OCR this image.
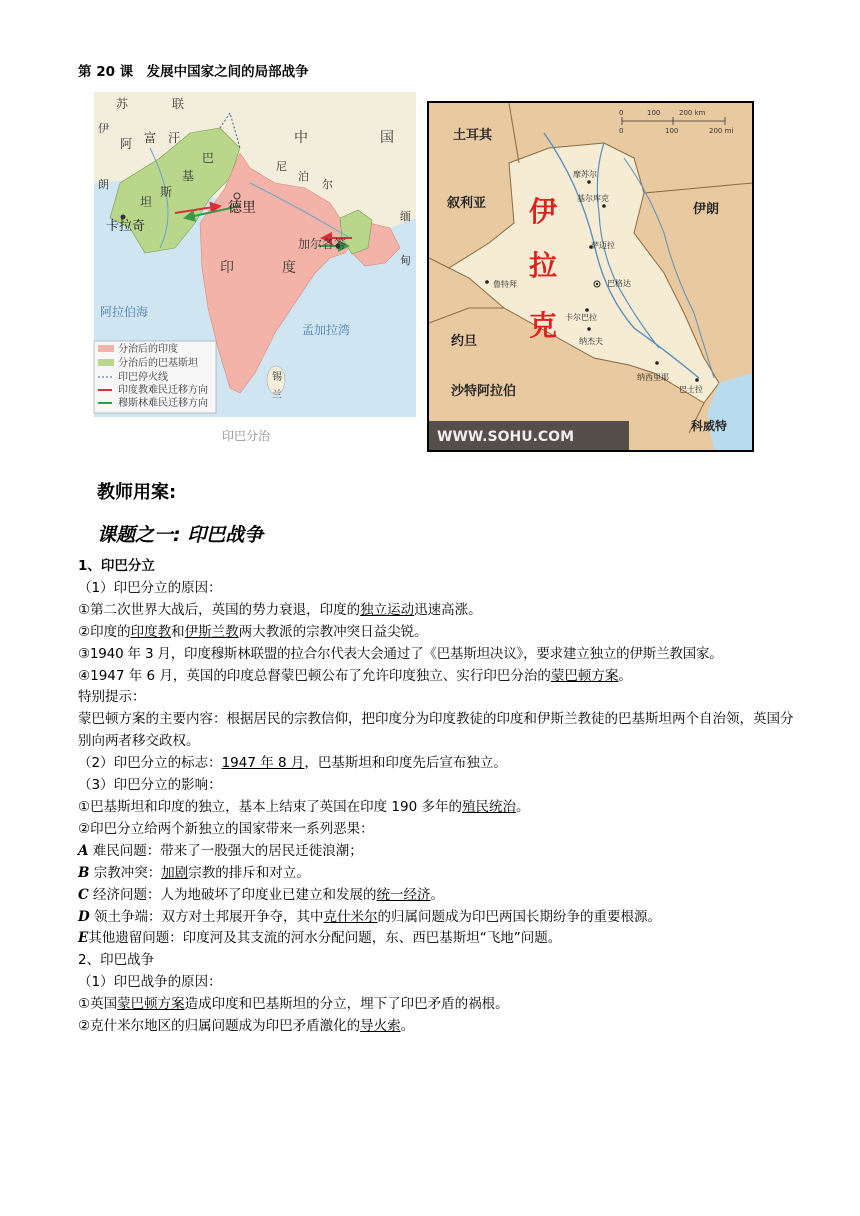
第 20 课　发展中国家之间的局部战争
苏	联
中	国
伊
阿 富 汗
朗
巴
基
斯
坦
尼
泊
尔
卡拉奇
德里
加尔各答
缅
甸
印	度
阿拉伯海
孟加拉湾
锡
兰
分治后的印度
分治后的巴基斯坦
印巴停火线
印度教难民迁移方向
穆斯林难民迁移方向
印巴分治
0	100	200 km
0	100	200 mi
土耳其
叙利亚	伊朗
伊
拉
克
约旦
沙特阿拉伯
科威特
摩苏尔
基尔库克
萨迈拉
巴格达
鲁特拜
卡尔巴拉
纳杰夫
纳西里耶
巴士拉
WWW.SOHU.COM
教师用案:
课题之一: 印巴战争
1、印巴分立
（1）印巴分立的原因：
①第二次世界大战后，英国的势力衰退，印度的独立运动迅速高涨。
②印度的印度教和伊斯兰教两大教派的宗教冲突日益尖锐。
③1940 年 3 月，印度穆斯林联盟的拉合尔代表大会通过了《巴基斯坦决议》，要求建立独立的伊斯兰教国家。
④1947 年 6 月，英国的印度总督蒙巴顿公布了允许印度独立、实行印巴分治的蒙巴顿方案。
特别提示：
蒙巴顿方案的主要内容：根据居民的宗教信仰，把印度分为印度教徒的印度和伊斯兰教徒的巴基斯坦两个自治领，英国分别向两者移交政权。
（2）印巴分立的标志：1947 年 8 月，巴基斯坦和印度先后宣布独立。
（3）印巴分立的影响：
①巴基斯坦和印度的独立，基本上结束了英国在印度 190 多年的殖民统治。
②印巴分立给两个新独立的国家带来一系列恶果：
A 难民问题：带来了一股强大的居民迁徙浪潮；
B 宗教冲突：加剧宗教的排斥和对立。
C 经济问题：人为地破坏了印度业已建立和发展的统一经济。
D 领土争端：双方对土邦展开争夺，其中克什米尔的归属问题成为印巴两国长期纷争的重要根源。
E其他遗留问题：印度河及其支流的河水分配问题，东、西巴基斯坦“飞地”问题。
2、印巴战争
（1）印巴战争的原因：
①英国蒙巴顿方案造成印度和巴基斯坦的分立，埋下了印巴矛盾的祸根。
②克什米尔地区的归属问题成为印巴矛盾激化的导火索。
